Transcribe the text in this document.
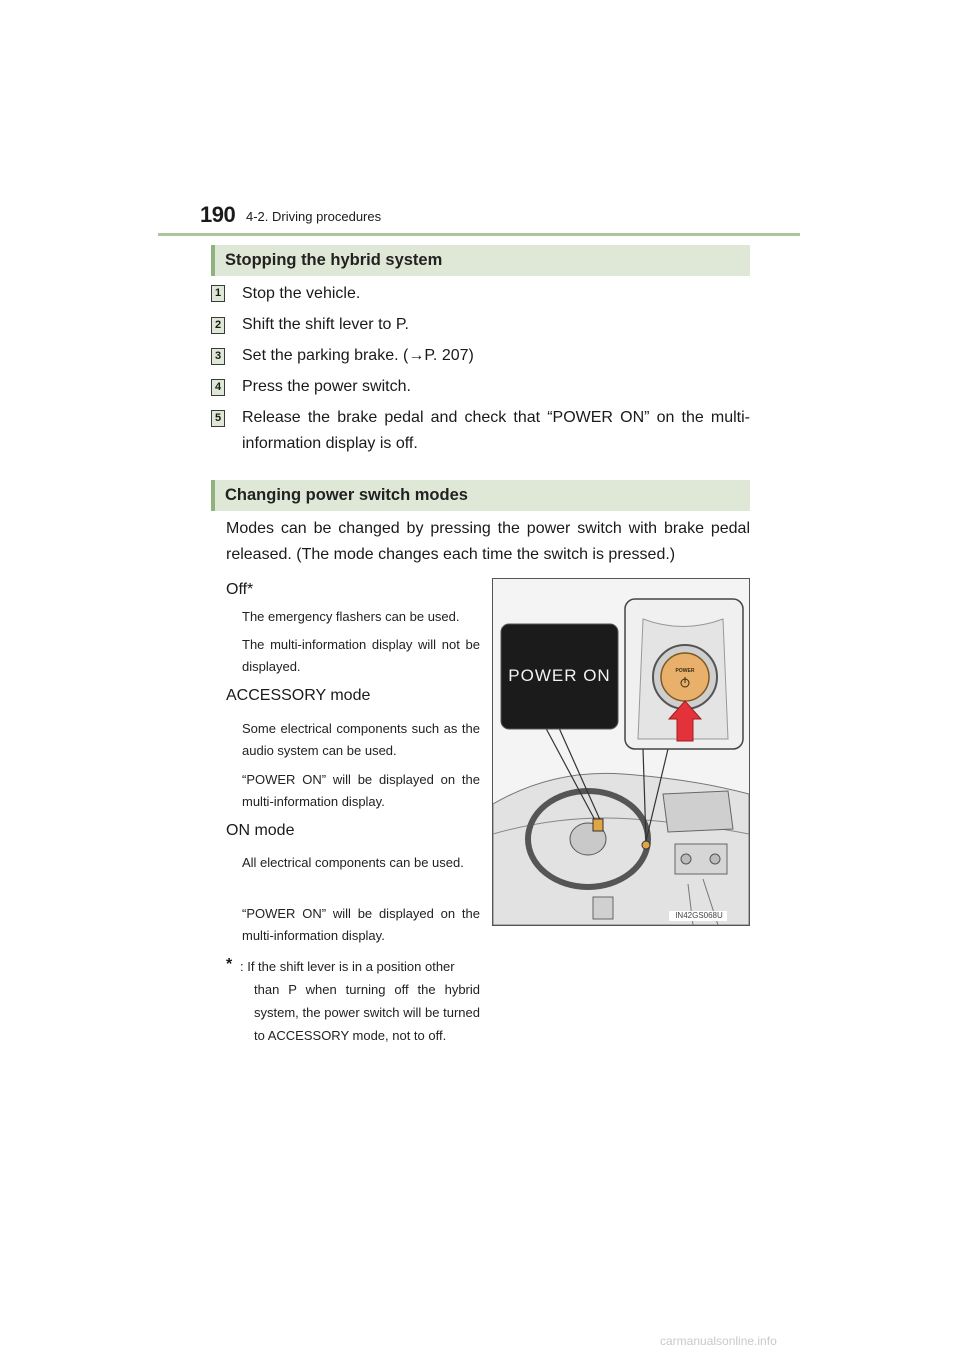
190 4-2. Driving procedures
Stopping the hybrid system
1 Stop the vehicle.
2 Shift the shift lever to P.
3 Set the parking brake. (→P. 207)
4 Press the power switch.
5 Release the brake pedal and check that “POWER ON” on the multi-
information display is off.
Changing power switch modes
Modes can be changed by pressing the power switch with brake pedal released. (The mode changes each time the switch is pressed.)
Off*
The emergency flashers can be used.
The multi-information display will not be displayed.
ACCESSORY mode
Some electrical components such as the audio system can be used.
“POWER ON” will be displayed on the multi-information display.
ON mode
All electrical components can be used.
“POWER ON” will be displayed on the multi-information display.
* : If the shift lever is in a position other
than P when turning off the hybrid system, the power switch will be turned to ACCESSORY mode, not to off.
POWER ON	POWER
IN42GS068U
carmanualsonline.info
